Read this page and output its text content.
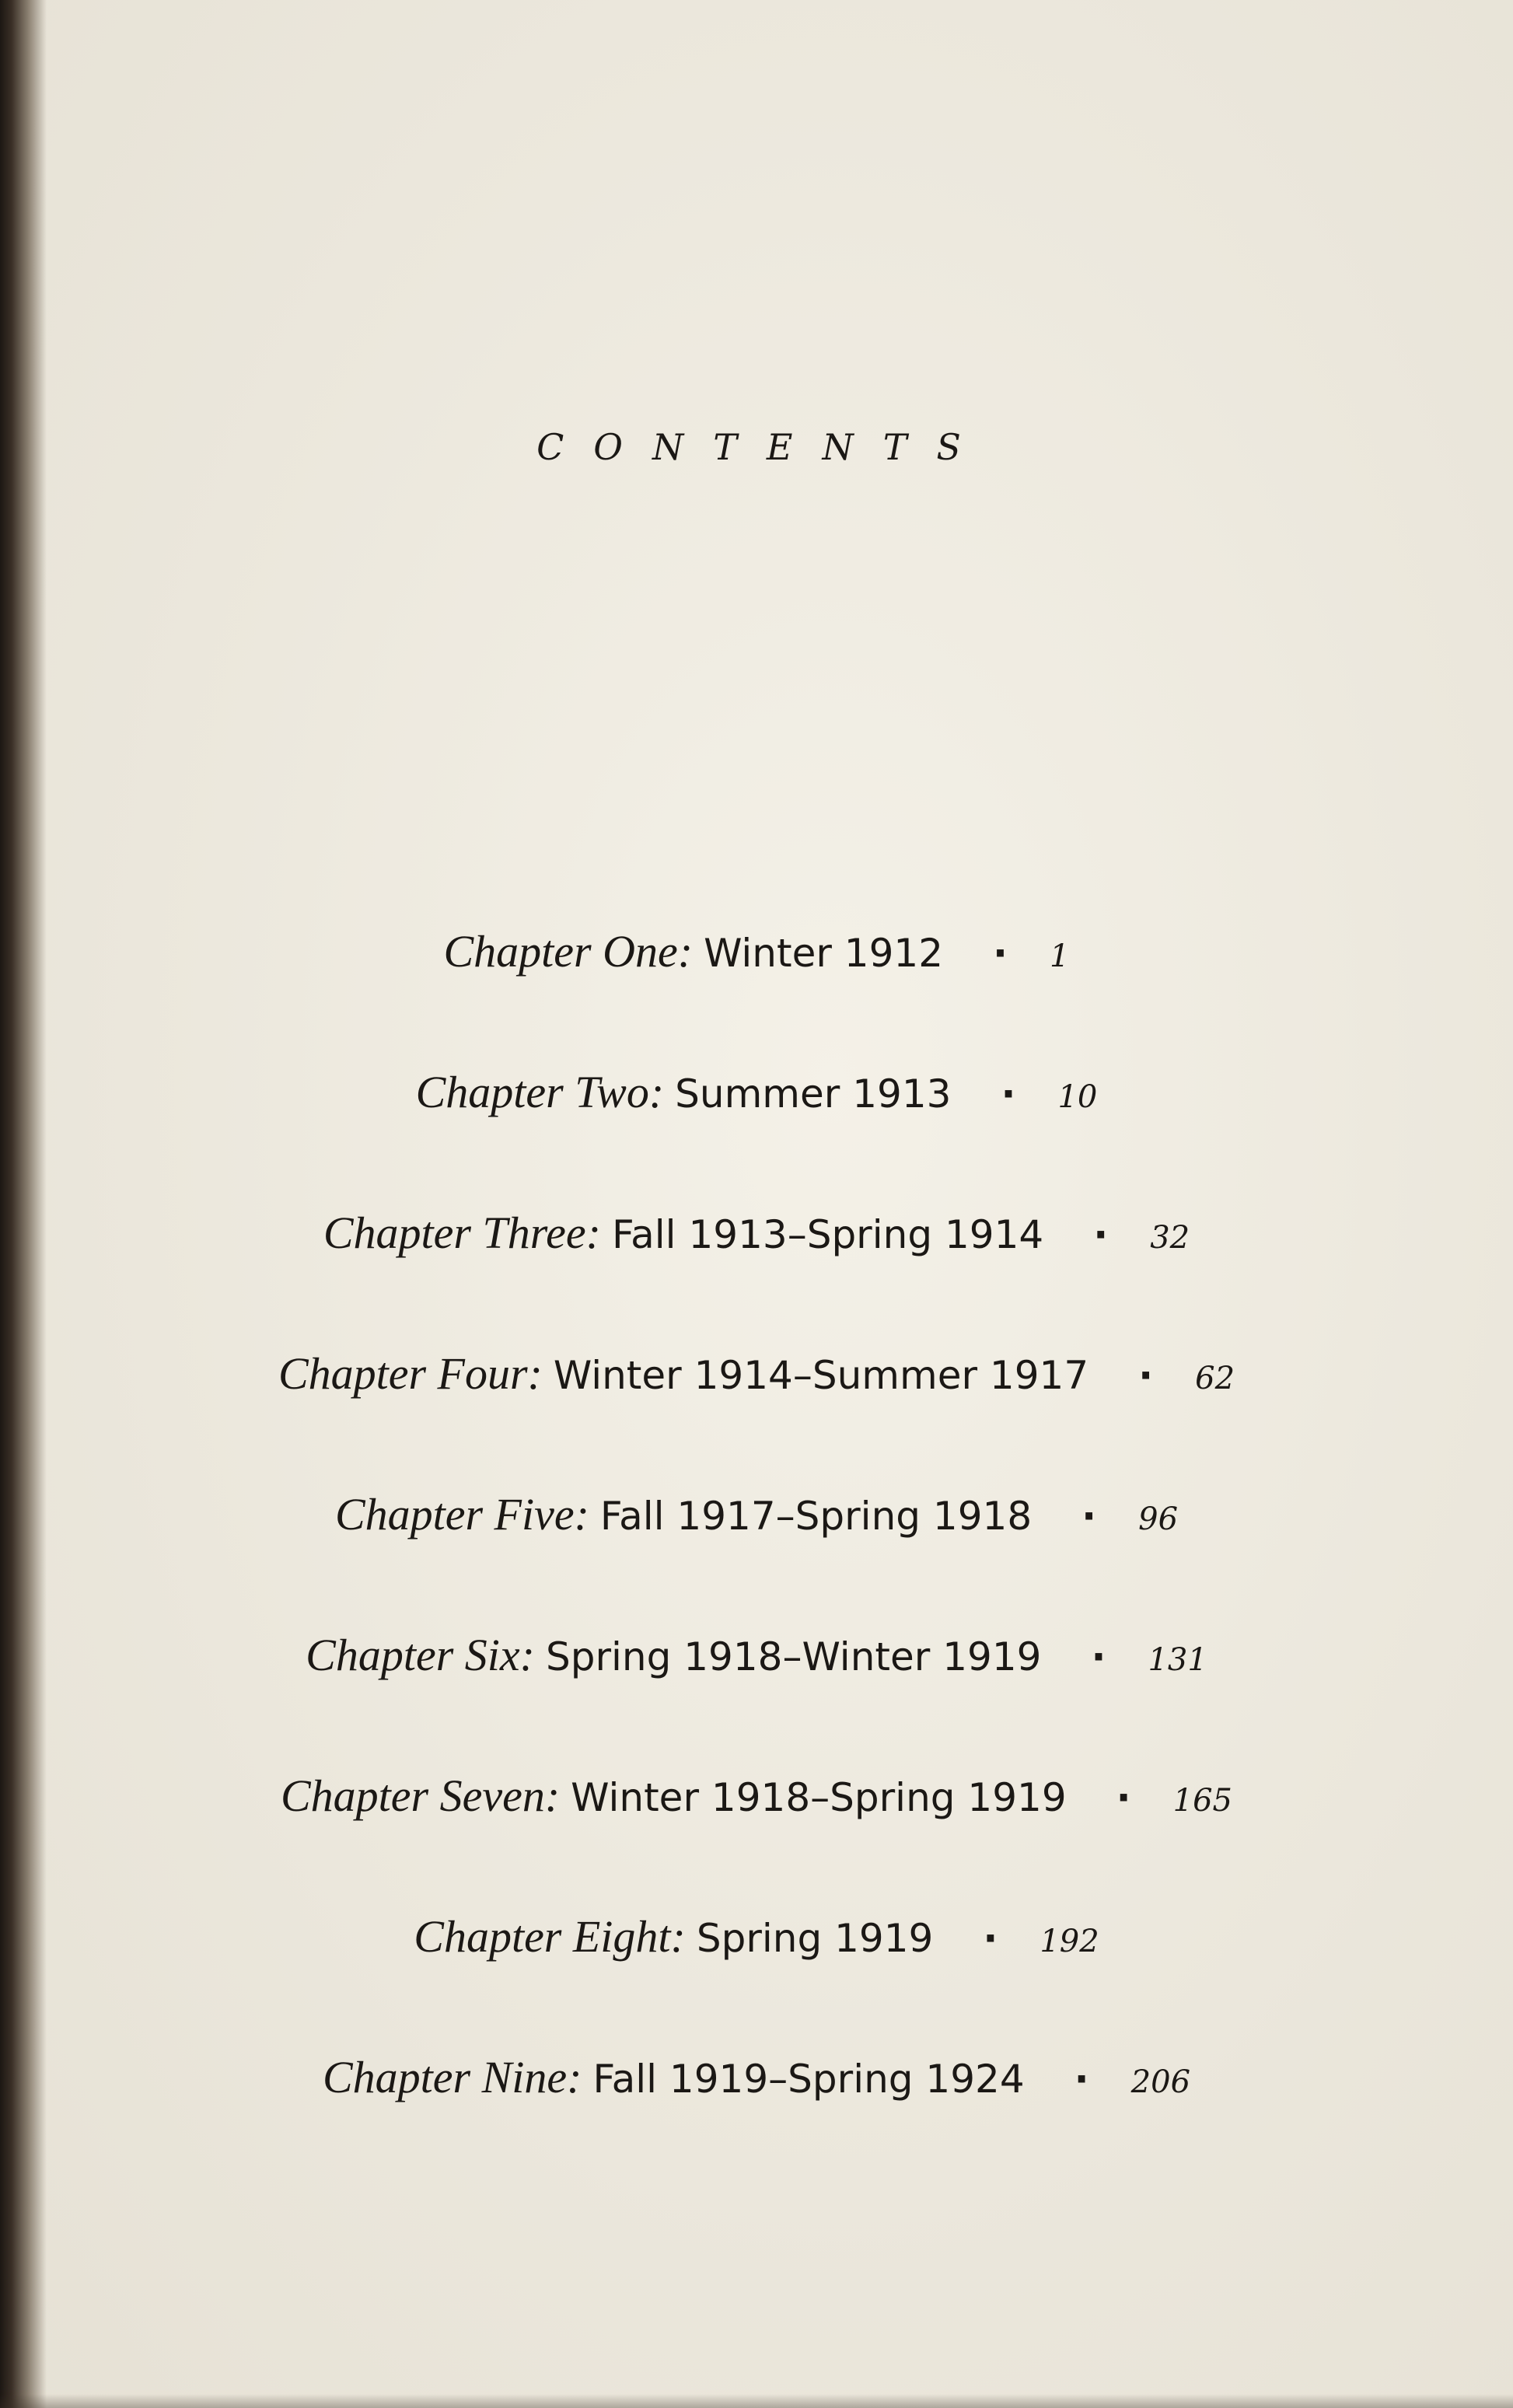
CONTENTS
Chapter One: Winter 1912 · 1
Chapter Two: Summer 1913 · 10
Chapter Three: Fall 1913–Spring 1914 · 32
Chapter Four: Winter 1914–Summer 1917 · 62
Chapter Five: Fall 1917–Spring 1918 · 96
Chapter Six: Spring 1918–Winter 1919 · 131
Chapter Seven: Winter 1918–Spring 1919 · 165
Chapter Eight: Spring 1919 · 192
Chapter Nine: Fall 1919–Spring 1924 · 206
